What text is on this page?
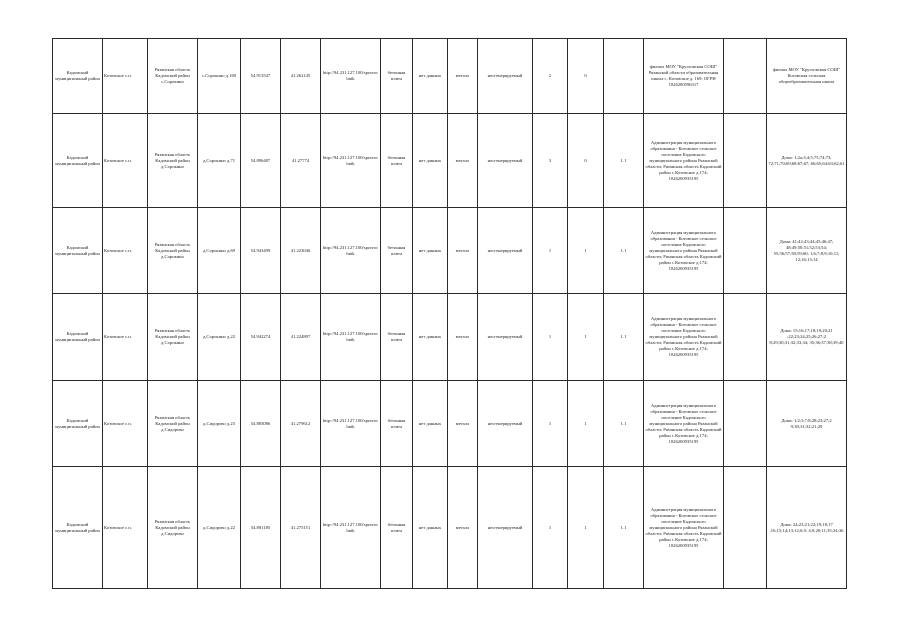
Кадомский муниципальный район	Котовское с.п.	Рязанская область Кадомский район с.Сорокино	с.Сорокино д.169	54.913547	41.262145	http://94.231.127.100/spravochnik	бетонная плита	нет данных	металл	несгенерируемый	2	0		филиал МОУ "Кругловская СОШ" Рязанской области образовательная школа с. Котовское д. 169; ОГРН 1026200596317		филиал МОУ "Кругловская СОШ" Котовская сельская общеобразовательная школа
Кадомский муниципальный район	Котовское с.п.	Рязанская область Кадомский район д.Сорокино	д.Сорокино д.71	54.896487	41.27774	http://94.231.127.100/spravochnik	бетонная плита	нет данных	металл	несгенерируемый	3	0	1.1	Администрация муниципального образования - Котовское сельское поселение Кадомского муниципального района Рязанской области; Рязанская область Кадомский район с.Котовское д.174; 1026200935195		Дома: 1;2а;3;4;5;75;74;73; 72;71;70;69;68;67;67; 66;65;64;63;62;61
Кадомский муниципальный район	Котовское с.п.	Рязанская область Кадомский район д.Сорокино	д.Сорокино д.69	54.943499	41.223046	http://94.231.127.100/spravochnik	бетонная плита	нет данных	металл	несгенерируемый	1	1	1.1	Администрация муниципального образования - Котовское сельское поселение Кадомского муниципального района Рязанской области; Рязанская область Кадомский район с.Котовское д.174; 1026200935195		Дома: 41;42;43;44;45;46;47; 48;49;50;51;52;53;54; 55;56;57;58;59;60; 1;6;7;8;9;10;11; 12;16;13;14
Кадомский муниципальный район	Котовское с.п.	Рязанская область Кадомский район д.Сорокино	д.Сорокино д.22	54.942274	41.224897	http://94.231.127.100/spravochnik	бетонная плита	нет данных	металл	несгенерируемый	1	1	1.1	Администрация муниципального образования - Котовское сельское поселение Кадомского муниципального района Рязанской области; Рязанская область Кадомский район с.Котовское д.174; 1026200935195		Дома: 15;16;17;18;19;20;21 ;22;23;24;25;26;27;2 8;29;30;31;32;33;34; 35;36;37;38;39;40
Кадомский муниципальный район	Котовское с.п.	Рязанская область Кадомский район д.Сидорово	д.Сидорово д.23	54.883086	41.279612	http://94.231.127.100/spravochnik	бетонная плита	нет данных	металл	несгенерируемый	1	1	1.1	Администрация муниципального образования - Котовское сельское поселение Кадомского муниципального района Рязанской области; Рязанская область Кадомский район с.Котовское д.174; 1026200935195		Дома: 1;2;3;7;8;28;23;27;2 9;30;31;32;21;29
Кадомский муниципальный район	Котовское с.п.	Рязанская область Кадомский район д.Сидорово	д.Сидорово д.22	54.881185	41.275151	http://94.231.127.100/spravochnik	бетонная плита	нет данных	металл	несгенерируемый	1	1	1.1	Администрация муниципального образования - Котовское сельское поселение Кадомского муниципального района Рязанской области; Рязанская область Кадомский район с.Котовское д.174; 1026200935195		Дома: 24;23;21;22;19;18;17 ;16;15;14;13;12;6;5; 4;9;20;11;35;34;36
